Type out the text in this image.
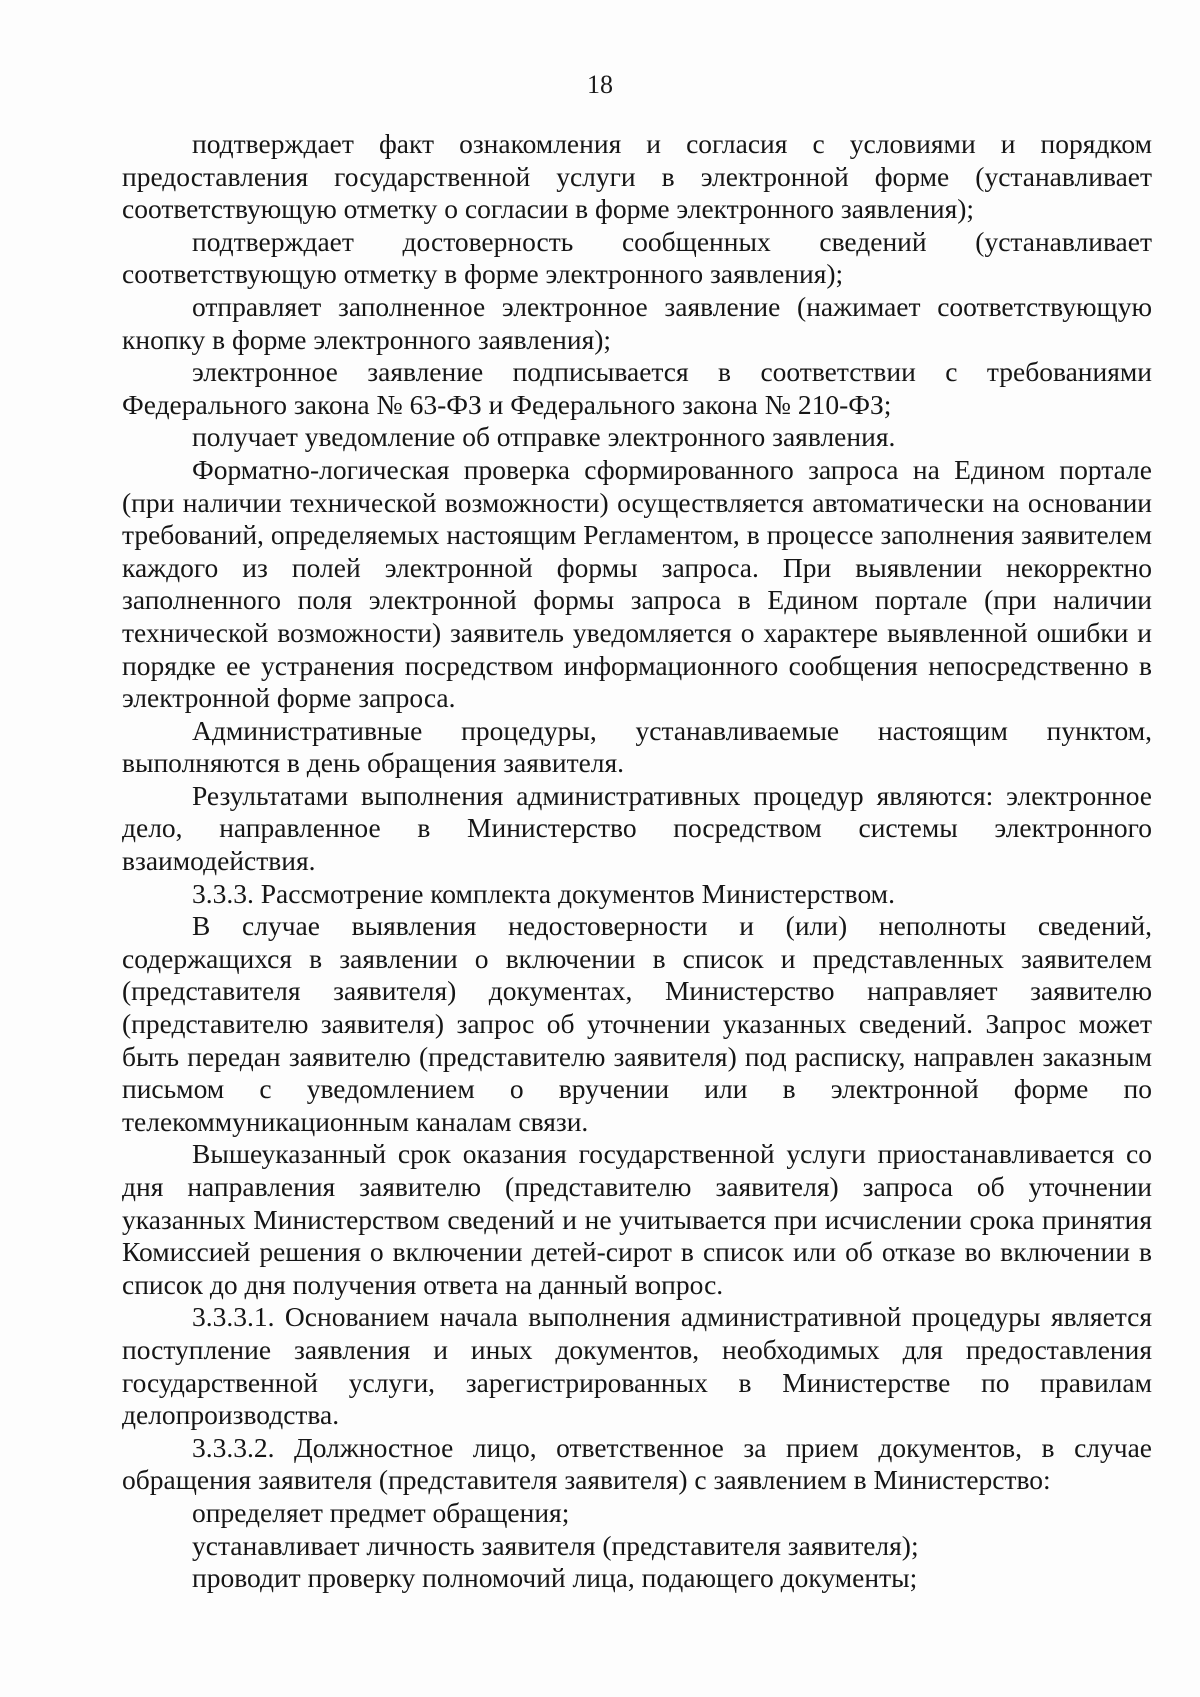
18

подтверждает факт ознакомления и согласия с условиями и порядком предоставления государственной услуги в электронной форме (устанавливает соответствующую отметку о согласии в форме электронного заявления);

подтверждает достоверность сообщенных сведений (устанавливает соответствующую отметку в форме электронного заявления);

отправляет заполненное электронное заявление (нажимает соответствующую кнопку в форме электронного заявления);

электронное заявление подписывается в соответствии с требованиями Федерального закона № 63-ФЗ и Федерального закона № 210-ФЗ;

получает уведомление об отправке электронного заявления.

Форматно-логическая проверка сформированного запроса на Едином портале (при наличии технической возможности) осуществляется автоматически на основании требований, определяемых настоящим Регламентом, в процессе заполнения заявителем каждого из полей электронной формы запроса. При выявлении некорректно заполненного поля электронной формы запроса в Едином портале (при наличии технической возможности) заявитель уведомляется о характере выявленной ошибки и порядке ее устранения посредством информационного сообщения непосредственно в электронной форме запроса.

Административные процедуры, устанавливаемые настоящим пунктом, выполняются в день обращения заявителя.

Результатами выполнения административных процедур являются: электронное дело, направленное в Министерство посредством системы электронного взаимодействия.

3.3.3. Рассмотрение комплекта документов Министерством.

В случае выявления недостоверности и (или) неполноты сведений, содержащихся в заявлении о включении в список и представленных заявителем (представителя заявителя) документах, Министерство направляет заявителю (представителю заявителя) запрос об уточнении указанных сведений. Запрос может быть передан заявителю (представителю заявителя) под расписку, направлен заказным письмом с уведомлением о вручении или в электронной форме по телекоммуникационным каналам связи.

Вышеуказанный срок оказания государственной услуги приостанавливается со дня направления заявителю (представителю заявителя) запроса об уточнении указанных Министерством сведений и не учитывается при исчислении срока принятия Комиссией решения о включении детей-сирот в список или об отказе во включении в список до дня получения ответа на данный вопрос.

3.3.3.1. Основанием начала выполнения административной процедуры является поступление заявления и иных документов, необходимых для предоставления государственной услуги, зарегистрированных в Министерстве по правилам делопроизводства.

3.3.3.2. Должностное лицо, ответственное за прием документов, в случае обращения заявителя (представителя заявителя) с заявлением в Министерство:

определяет предмет обращения;

устанавливает личность заявителя (представителя заявителя);

проводит проверку полномочий лица, подающего документы;
